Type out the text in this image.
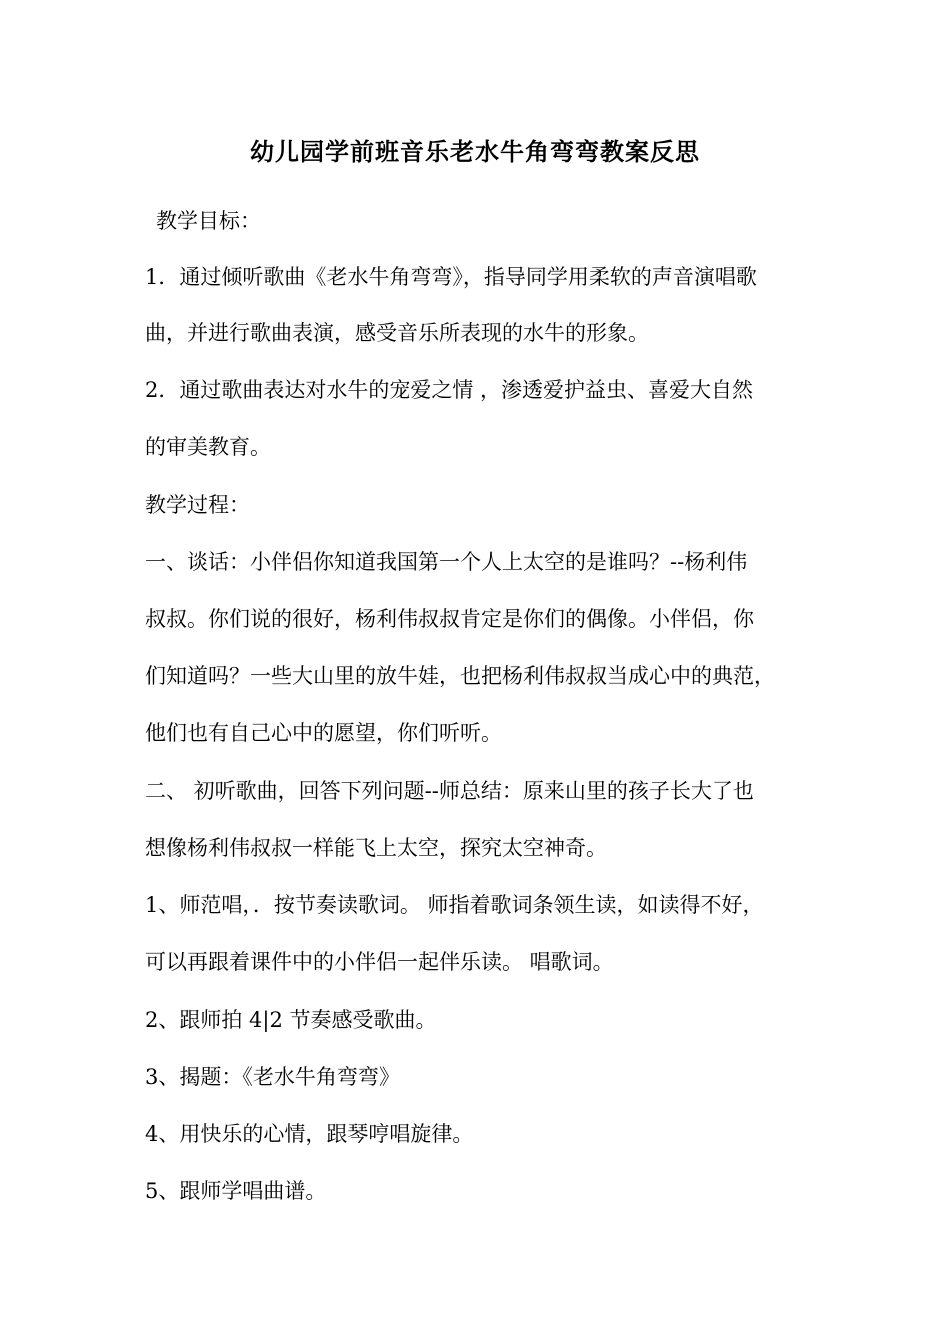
幼儿园学前班音乐老水牛角弯弯教案反思
教学目标：
1．通过倾听歌曲《老水牛角弯弯》，指导同学用柔软的声音演唱歌
曲，并进行歌曲表演，感受音乐所表现的水牛的形象。
2．通过歌曲表达对水牛的宠爱之情 ，渗透爱护益虫、喜爱大自然
的审美教育。
教学过程：
一、谈话：小伴侣你知道我国第一个人上太空的是谁吗？--杨利伟
叔叔。你们说的很好，杨利伟叔叔肯定是你们的偶像。小伴侣，你
们知道吗？一些大山里的放牛娃，也把杨利伟叔叔当成心中的典范，
他们也有自己心中的愿望，你们听听。
二、 初听歌曲，回答下列问题--师总结：原来山里的孩子长大了也
想像杨利伟叔叔一样能飞上太空，探究太空神奇。
1、师范唱，．按节奏读歌词。 师指着歌词条领生读，如读得不好，
可以再跟着课件中的小伴侣一起伴乐读。 唱歌词。
2、跟师拍 4|2 节奏感受歌曲。
3、揭题：《老水牛角弯弯》
4、用快乐的心情，跟琴哼唱旋律。
5、跟师学唱曲谱。
